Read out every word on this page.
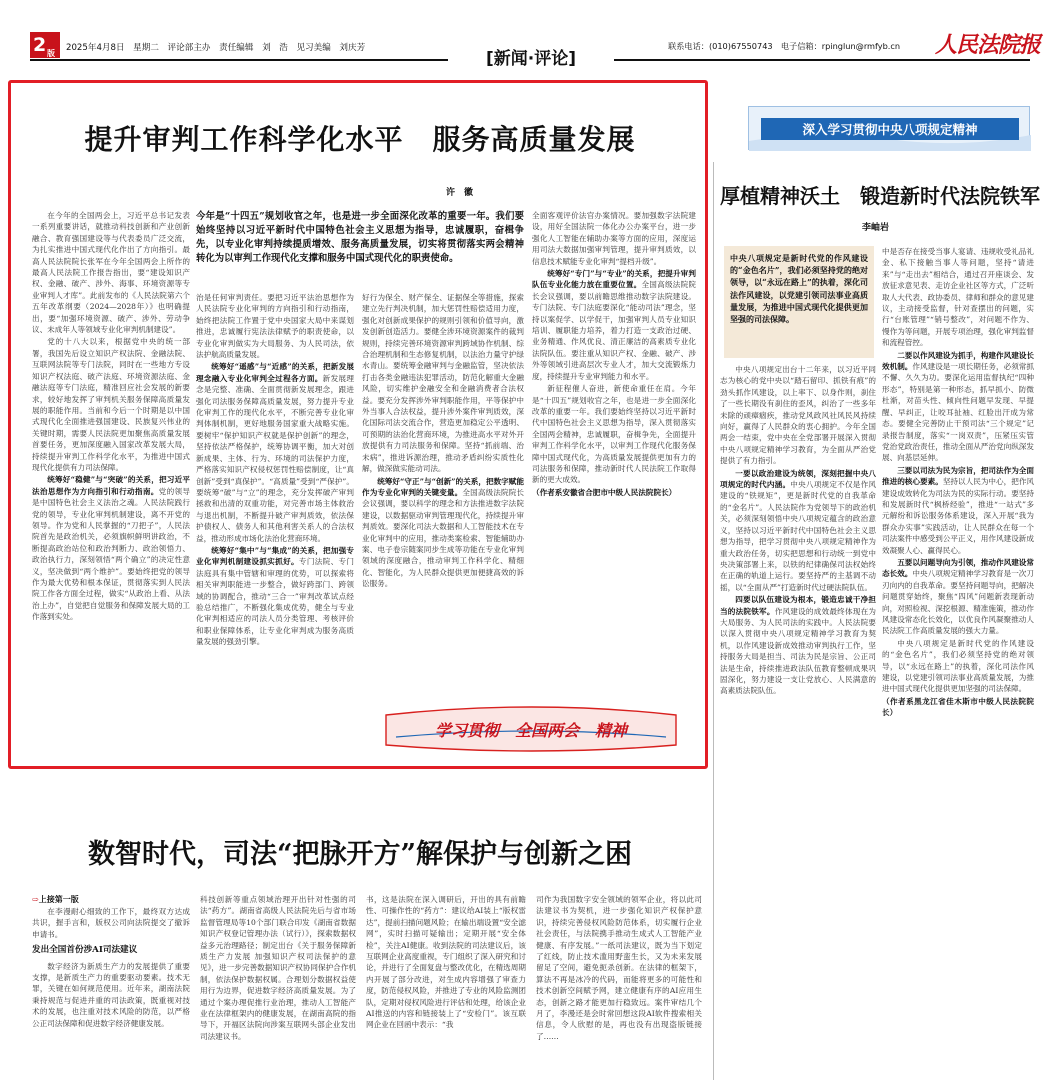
2 版
2025年4月8日　星期二　评论部主办　责任编辑　刘　浩　见习美编　刘庆芳	联系电话：(010)67550743　电子信箱：rpinglun@rmfyb.cn 人民法院报
[新闻·评论]
提升审判工作科学化水平　服务高质量发展
许　徽

在今年的全国两会上，习近平总书记发表一系列重要讲话，就推动科技创新和产业创新融合、教育强国建设等与代表委员广泛交流，为扎实推进中国式现代化作出了方向指引。最高人民法院院长张军在今年全国两会上所作的最高人民法院工作报告指出，要“建设知识产权、金融、破产、涉外、海事、环境资源等专业审判人才库”。此前发布的《人民法院第六个五年改革纲要（2024—2028年）》也明确提出，要“加强环境资源、破产、涉外、劳动争议、未成年人等领域专业化审判机制建设”。

党的十八大以来，根据党中央的统一部署，我国先后设立知识产权法院、金融法院、互联网法院等专门法院，同时在一些地方专设知识产权法庭、破产法庭、环境资源法庭、金融法庭等专门法庭，精准回应社会发展的新要求，较好地发挥了审判机关服务保障高质量发展的职能作用。当前和今后一个时期是以中国式现代化全面推进强国建设、民族复兴伟业的关键时期，需要人民法院更加聚焦高质量发展首要任务，更加深度融入国家改革发展大局，持续提升审判工作科学化水平，为推进中国式现代化提供有力司法保障。

统筹好“稳健”与“突破”的关系，把习近平法治思想作为方向指引和行动指南。党的领导是中国特色社会主义法治之魂。人民法院践行党的领导，专业化审判机制建设，离不开党的领导。作为党和人民掌握的“刀把子”，人民法院首先是政治机关，必须旗帜鲜明讲政治，不断提高政治站位和政治判断力、政治领悟力、政治执行力，深刻领悟“两个确立”的决定性意义，坚决做到“两个维护”。要始终把党的领导作为最大优势和根本保证，贯彻落实到人民法院工作各方面全过程，做实“从政治上看、从法治上办”，自觉把自觉服务和保障发展大局的工作落到实处。

今年是“十四五”规划收官之年，也是进一步全面深化改革的重要一年。我们要始终坚持以习近平新时代中国特色社会主义思想为指导，忠诚履职，奋楫争先，以专业化审判持续提质增效、服务高质量发展，切实将贯彻落实两会精神转化为以审判工作现代化支撑和服务中国式现代化的职责使命。

治是任何审判责任。要把习近平法治思想作为人民法院专业化审判的方向指引和行动指南，始终把法院工作置于党中央国家大局中来谋划推进，忠诚履行宪法法律赋予的职责使命，以专业化审判做实为大局服务、为人民司法，依法护航高质量发展。

统筹好“遥感”与“近感”的关系，把新发展理念融入专业化审判全过程各方面。新发展理念是完整、准确、全面贯彻新发展理念，跟进强化司法服务保障高质量发展，努力提升专业化审判工作的现代化水平，不断完善专业化审判体制机制，更好地服务国家重大战略实施。要树牢“保护知识产权就是保护创新”的理念，坚持依法严格保护，统筹协调平衡，加大对创新成果、主体、行为、环境的司法保护力度，严格落实知识产权侵权惩罚性赔偿制度，让“真创新”受到“真保护”。“高质量”受到“严保护”。要统筹“破”与“立”的理念，充分发挥破产审判拯救和出清的双重功能，对完善市场主体救治与退出机制，不断提升破产审判质效，依法保护债权人、债务人和其他利害关系人的合法权益，推动形成市场化法治化营商环境。

统筹好“集中”与“集成”的关系，把加强专业化审判机制建设抓实抓好。专门法院、专门法庭具有集中管辖和审理的优势，可以探索将相关审判职能进一步整合，做好跨部门、跨领域的协调配合，推动“三合一”审判改革试点经验总结推广，不断强化集成优势，健全与专业化审判相适应的司法人员分类管理、考核评价和职业保障体系，让专业化审判成为服务高质量发展的强劲引擎。

好行为保全、财产保全、证据保全等措施，探索建立先行判决机制，加大惩罚性赔偿适用力度，强化对创新成果保护的规则引领和价值导向，激发创新创造活力。要健全涉环境资源案件的裁判规则，持续完善环境资源审判跨域协作机制、综合治理机制和生态修复机制，以法治力量守护绿水青山。要统筹金融审判与金融监管，坚决依法打击各类金融违法犯罪活动，防范化解重大金融风险，切实维护金融安全和金融消费者合法权益。要充分发挥涉外审判职能作用，平等保护中外当事人合法权益，提升涉外案件审判质效，深化国际司法交流合作，营造更加稳定公平透明、可预期的法治化营商环境，为推进高水平对外开放提供有力司法服务和保障。坚持“抓前端、治未病”，推进诉源治理，推动矛盾纠纷实质性化解，做深做实能动司法。

统筹好“守正”与“创新”的关系，把数字赋能作为专业化审判的关键变量。全国高级法院院长会议强调，要以科学的理念和方法推进数字法院建设，以数据驱动审判管理现代化，持续提升审判质效。要深化司法大数据和人工智能技术在专业化审判中的应用，推动类案检索、智能辅助办案、电子卷宗随案同步生成等功能在专业化审判领域的深度融合，推动审判工作科学化、精细化、智能化，为人民群众提供更加便捷高效的诉讼服务。

全面客观评价法官办案情况。要加强数字法院建设，用好全国法院一体化办公办案平台，进一步强化人工智能在辅助办案等方面的应用，深度运用司法大数据加强审判管理，提升审判质效，以信息技术赋能专业化审判“提档升级”。

统筹好“专门”与“专业”的关系，把提升审判队伍专业化能力放在重要位置。全国高级法院院长会议强调，要以前瞻思维推动数字法院建设。专门法院、专门法庭要深化“能动司法”理念，坚持以案促学、以学促干，加强审判人员专业知识培训、履职能力培养，着力打造一支政治过硬、业务精通、作风优良、清正廉洁的高素质专业化法院队伍。要注重从知识产权、金融、破产、涉外等领域引进高层次专业人才，加大交流锻炼力度，持续提升专业审判能力和水平。

新征程催人奋进，新使命重任在肩。今年是“十四五”规划收官之年，也是进一步全面深化改革的重要一年。我们要始终坚持以习近平新时代中国特色社会主义思想为指导，深入贯彻落实全国两会精神，忠诚履职，奋楫争先，全面提升审判工作科学化水平，以审判工作现代化服务保障中国式现代化，为高质量发展提供更加有力的司法服务和保障，推动新时代人民法院工作取得新的更大成效。

（作者系安徽省合肥市中级人民法院院长）

学习贯彻　全国两会　精神
深入学习贯彻中央八项规定精神
厚植精神沃土　锻造新时代法院铁军
李岫岩
中央八项规定是新时代党的作风建设的“金色名片”，我们必须坚持党的绝对领导，以“永远在路上”的执着，深化司法作风建设，以党建引领司法事业高质量发展，为推进中国式现代化提供更加坚强的司法保障。

中央八项规定出台十二年来，以习近平同志为核心的党中央以“踏石留印、抓铁有痕”的劲头抓作风建设，以上率下、以身作则，刹住了一些长期没有刹住的歪风，纠治了一些多年未除的顽瘴痼疾，推动党风政风社风民风持续向好，赢得了人民群众的衷心拥护。今年全国两会一结束，党中央在全党部署开展深入贯彻中央八项规定精神学习教育，为全面从严治党提供了有力指引。

一要以政治建设为统领，深刻把握中央八项规定的时代内涵。中央八项规定不仅是作风建设的“铁规矩”，更是新时代党的自我革命的“金名片”。人民法院作为党领导下的政治机关，必须深刻领悟中央八项规定蕴含的政治意义，坚持以习近平新时代中国特色社会主义思想为指导，把学习贯彻中央八项规定精神作为重大政治任务，切实把思想和行动统一到党中央决策部署上来，以铁的纪律确保司法权始终在正确的轨道上运行。要坚持严的主基调不动摇，以“全面从严”打造新时代过硬法院队伍。

四要以队伍建设为根本，锻造忠诚干净担当的法院铁军。作风建设的成效最终体现在为大局服务、为人民司法的实践中。人民法院要以深入贯彻中央八项规定精神学习教育为契机，以作风建设新成效推动审判执行工作，坚持服务大局是担当、司法为民是宗旨、公正司法是生命，持续推进政法队伍教育整顿成果巩固深化，努力建设一支让党放心、人民满意的高素质法院队伍。

中是否存在接受当事人宴请、违规收受礼品礼金、私下接触当事人等问题，坚持“请进来”与“走出去”相结合，通过召开座谈会、发放征求意见表、走访企业社区等方式，广泛听取人大代表、政协委员、律师和群众的意见建议，主动接受监督，针对查摆出的问题，实行“台账管理”“销号整改”，对问题不作为、慢作为等问题，开展专项治理，强化审判监督和流程管控。

二要以作风建设为抓手，构建作风建设长效机制。作风建设是一项长期任务，必须常抓不懈、久久为功。要深化运用监督执纪“四种形态”，特别是第一种形态，抓早抓小、防微杜渐，对苗头性、倾向性问题早发现、早提醒、早纠正，让咬耳扯袖、红脸出汗成为常态。要健全完善防止干预司法“三个规定”记录报告制度，落实“一岗双责”，压紧压实管党治党政治责任，推动全面从严治党向纵深发展、向基层延伸。

三要以司法为民为宗旨，把司法作为全面推进的核心要素。坚持以人民为中心，把作风建设成效转化为司法为民的实际行动。要坚持和发展新时代“枫桥经验”，推进“一站式”多元解纷和诉讼服务体系建设，深入开展“我为群众办实事”实践活动，让人民群众在每一个司法案件中感受到公平正义，用作风建设新成效凝聚人心、赢得民心。

五要以问题导向为引领，推动作风建设常态长效。中央八项规定精神学习教育是一次刀刃向内的自我革命。要坚持问题导向，把解决问题贯穿始终，聚焦“四风”问题新表现新动向，对照检视、深挖根源、精准施策，推动作风建设常态化长效化，以优良作风凝聚推动人民法院工作高质量发展的强大力量。

中央八项规定是新时代党的作风建设的“金色名片”，我们必须坚持党的绝对领导，以“永远在路上”的执着，深化司法作风建设，以党建引领司法事业高质量发展，为推进中国式现代化提供更加坚强的司法保障。

（作者系黑龙江省佳木斯市中级人民法院院长）

数智时代，司法“把脉开方”解保护与创新之困
⇨上接第一版

在李漫耐心细致的工作下，最终双方达成共识，握手言和，版权公司向法院提交了撤诉申请书。

发出全国首份涉AI司法建议

数字经济为新质生产力的发展提供了重要支撑，是新质生产力的重要驱动要素。技术无罪，关键在如何规范使用。近年来，湖南法院秉持规范与促进并重的司法政策，既重视对技术的发展，也注重对技术风险的防范，以严格公正司法保障和促进数字经济健康发展。

科技创新等重点领域治理开出针对性强的司法“药方”。湖南省高级人民法院先后与省市场监督管理局等10个部门联合印发《湖南省数据知识产权登记管理办法（试行）》，探索数据权益多元治理路径；制定出台《关于服务保障新质生产力发展 加强知识产权司法保护的意见》，进一步完善数据知识产权协同保护合作机制，依法保护数据权属。合理划分数据权益使用行为边界，促进数字经济高质量发展。为了通过个案办理促推行业治理，推动人工智能产业在法律框架内的健康发展，在湖南高院的指导下，开福区法院向涉案互联网头部企业发出司法建议书。

书，这是法院在深入调研后，开出的具有前瞻性、可操作性的“药方”：建议给AI装上“版权雷达”，提前扫描问题风险；在输出端设置“安全滤网”，实时扫描可疑输出；定期开展“安全体检”，关注AI健康。收到法院的司法建议后，该互联网企业高度重视，专门组织了深入研究和讨论，并进行了全面复盘与整改优化，在精选周期内开展了部分改进，对生成内容增强了审查力度，防范侵权风险，并推进了专业的风险监测团队，定期对侵权风险进行评估和处理，给该企业AI推送的内容和链接装上了“安检门”。该互联网企业在回函中表示：“我

司作为我国数字安全领域的领军企业，将以此司法建议书为契机，进一步强化知识产权保护意识，持续完善侵权风险防范体系，切实履行企业社会责任，与法院携手推动生成式人工智能产业健康、有序发展。”一纸司法建议，既为当下划定了红线，防止技术滥用野蛮生长，又为未来发展留足了空间，避免扼杀创新。在法律的框架下，算法不再是冰冷的代码，而能将更多的可能性和技术创新空间赋予网，建立健康有序的AI应用生态，创新之路才能更加行稳致远。案件审结几个月了，李漫还是会时常回想这段AI软件搜索相关信息，令人欣慰的是，再也没有出现盗版链接了……
